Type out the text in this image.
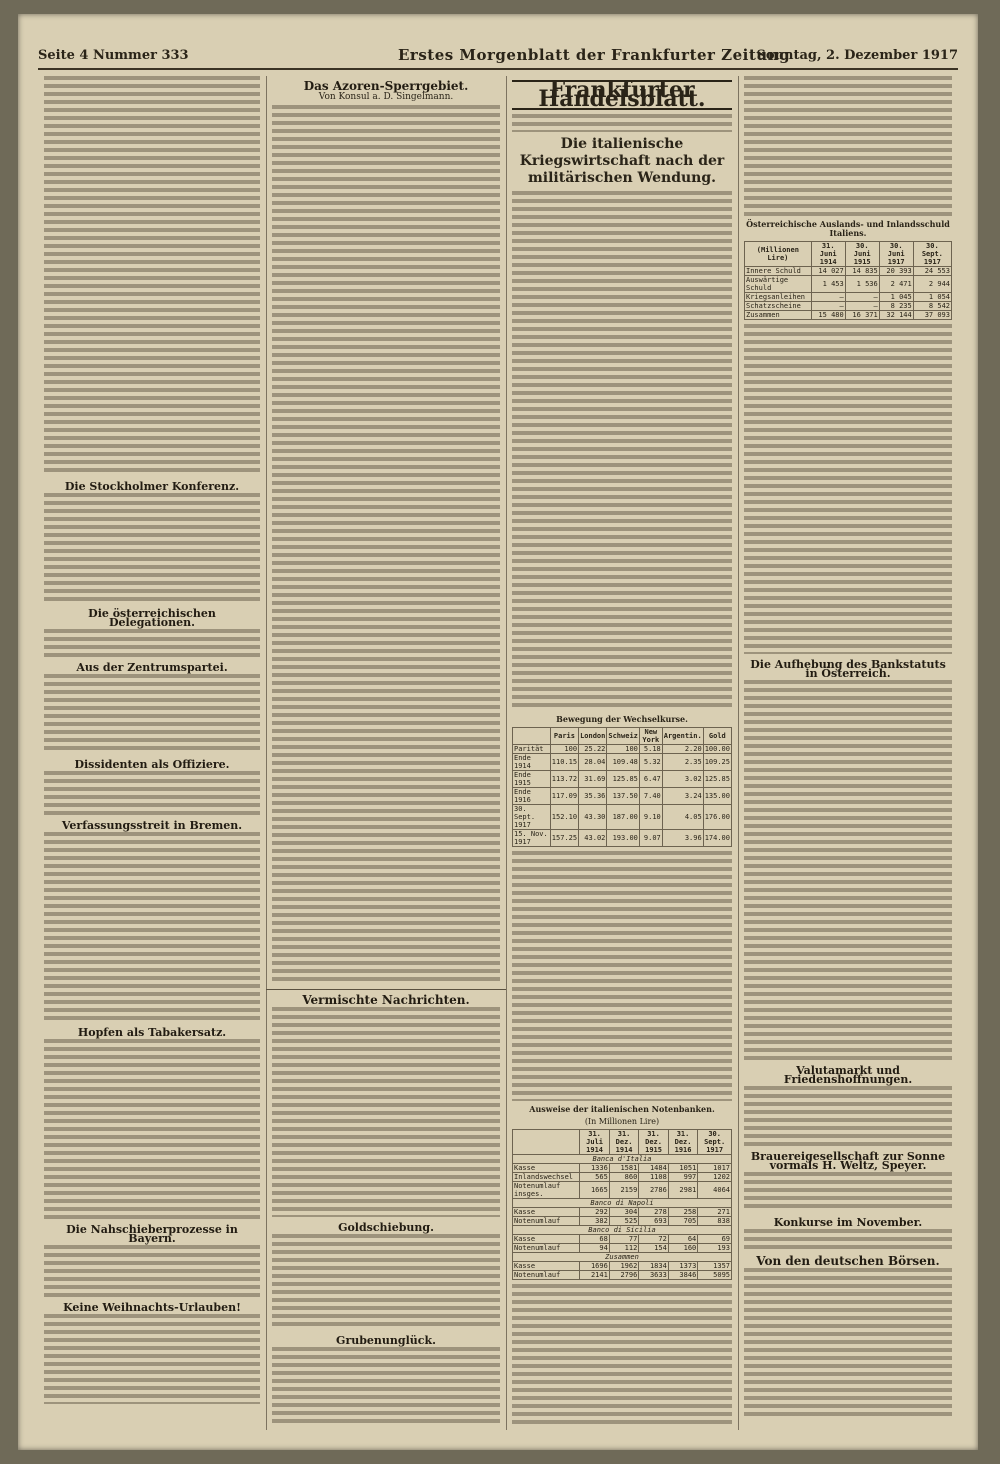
Seite 4 Nummer 333	Erstes Morgenblatt der Frankfurter Zeitung
Sonntag, 2. Dezember 1917
Die Stockholmer Konferenz.
Die österreichischen Delegationen.
Aus der Zentrumspartei.
Dissidenten als Offiziere.
Verfassungsstreit in Bremen.
Hopfen als Tabakersatz.
Die Nahschieberprozesse in Bayern.
Keine Weihnachts-Urlauben!
Das Azoren-Sperrgebiet.
Von Konsul a. D. Singelmann.
Vermischte Nachrichten.
Goldschiebung.
Grubenunglück.
Frankfurter Handelsblatt.
Die italienische Kriegswirtschaft nach der militärischen Wendung.
Bewegung der Wechselkurse.
	Paris	London	Schweiz	New York	Argentin.	Gold
Parität	100	25.22	100	5.18	2.20	100.00
Ende 1914	110.15	28.04	109.48	5.32	2.35	109.25
Ende 1915	113.72	31.69	125.85	6.47	3.02	125.85
Ende 1916	117.09	35.36	137.50	7.40	3.24	135.00
30. Sept. 1917	152.10	43.30	187.00	9.10	4.05	176.00
15. Nov. 1917	157.25	43.02	193.00	9.07	3.96	174.00
Ausweise der italienischen Notenbanken.
(In Millionen Lire)
	31. Juli 1914	31. Dez. 1914	31. Dez. 1915	31. Dez. 1916	30. Sept. 1917
Banca d'Italia					
Kasse	1336	1581	1484	1051	1017
Inlandswechsel	565	860	1108	997	1202
Notenumlauf insges.	1665	2159	2786	2981	4064
Banco di Napoli					
Kasse	292	304	278	258	271
Notenumlauf	382	525	693	705	838
Banco di Sicilia					
Kasse	68	77	72	64	69
Notenumlauf	94	112	154	160	193
Zusammen					
Kasse	1696	1962	1834	1373	1357
Notenumlauf	2141	2796	3633	3846	5095
Österreichische Auslands- und Inlandsschuld Italiens.
(Millionen Lire)	31. Juni 1914	30. Juni 1915	30. Juni 1917	30. Sept. 1917
Innere Schuld	14 027	14 835	20 393	24 553
Auswärtige Schuld	1 453	1 536	2 471	2 944
Kriegsanleihen	—	—	1 045	1 054
Schatzscheine	—	—	8 235	8 542
Zusammen	15 480	16 371	32 144	37 093
Die Aufhebung des Bankstatuts in Österreich.
Valutamarkt und Friedenshoffnungen.
Brauereigesellschaft zur Sonne vormals H. Weltz, Speyer.
Konkurse im November.
Von den deutschen Börsen.
